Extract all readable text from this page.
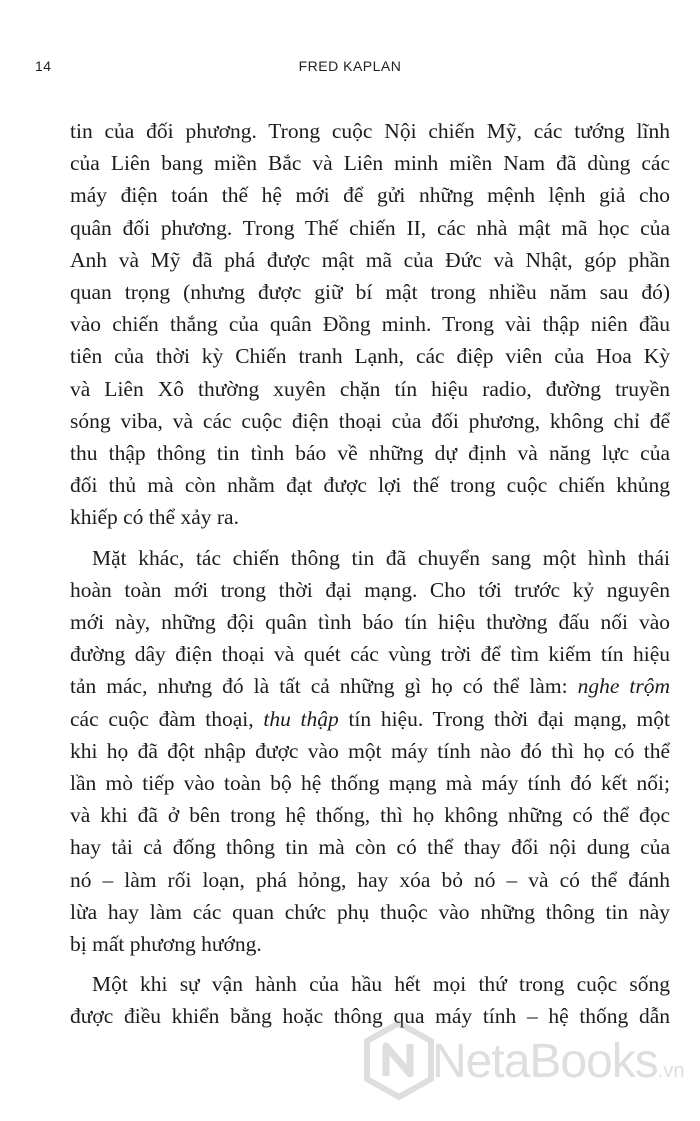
14	FRED KAPLAN
tin của đối phương. Trong cuộc Nội chiến Mỹ, các tướng lĩnh
của Liên bang miền Bắc và Liên minh miền Nam đã dùng các
máy điện toán thế hệ mới để gửi những mệnh lệnh giả cho
quân đối phương. Trong Thế chiến II, các nhà mật mã học của
Anh và Mỹ đã phá được mật mã của Đức và Nhật, góp phần
quan trọng (nhưng được giữ bí mật trong nhiều năm sau đó)
vào chiến thắng của quân Đồng minh. Trong vài thập niên đầu
tiên của thời kỳ Chiến tranh Lạnh, các điệp viên của Hoa Kỳ
và Liên Xô thường xuyên chặn tín hiệu radio, đường truyền
sóng viba, và các cuộc điện thoại của đối phương, không chỉ để
thu thập thông tin tình báo về những dự định và năng lực của
đối thủ mà còn nhằm đạt được lợi thế trong cuộc chiến khủng
khiếp có thể xảy ra.
Mặt khác, tác chiến thông tin đã chuyển sang một hình thái
hoàn toàn mới trong thời đại mạng. Cho tới trước kỷ nguyên
mới này, những đội quân tình báo tín hiệu thường đấu nối vào
đường dây điện thoại và quét các vùng trời để tìm kiếm tín hiệu
tản mác, nhưng đó là tất cả những gì họ có thể làm: nghe trộm
các cuộc đàm thoại, thu thập tín hiệu. Trong thời đại mạng, một
khi họ đã đột nhập được vào một máy tính nào đó thì họ có thể
lần mò tiếp vào toàn bộ hệ thống mạng mà máy tính đó kết nối;
và khi đã ở bên trong hệ thống, thì họ không những có thể đọc
hay tải cả đống thông tin mà còn có thể thay đổi nội dung của
nó – làm rối loạn, phá hỏng, hay xóa bỏ nó – và có thể đánh
lừa hay làm các quan chức phụ thuộc vào những thông tin này
bị mất phương hướng.
Một khi sự vận hành của hầu hết mọi thứ trong cuộc sống
được điều khiển bằng hoặc thông qua máy tính – hệ thống dẫn
NetaBooks.vn
